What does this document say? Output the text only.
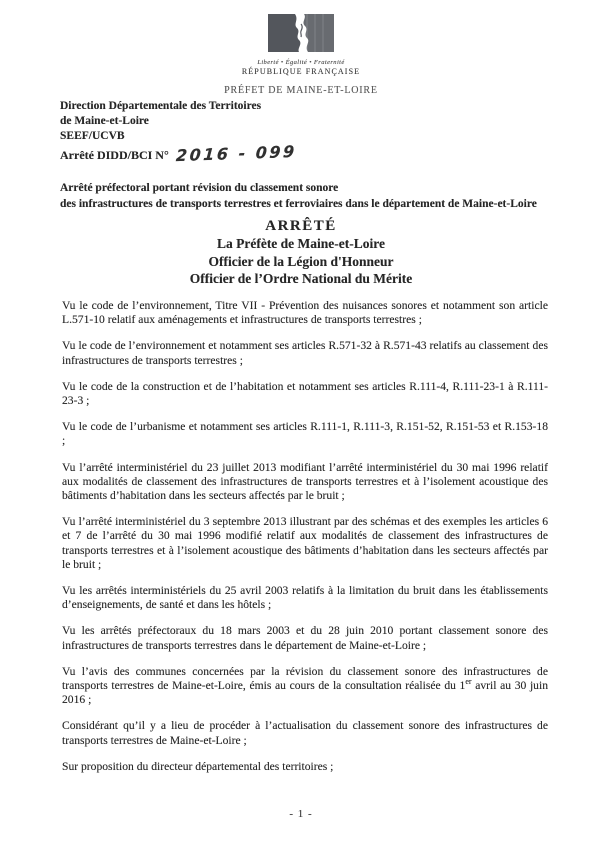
Liberté • Égalité • Fraternité
RÉPUBLIQUE FRANÇAISE
PRÉFET DE MAINE-ET-LOIRE
Direction Départementale des Territoires
de Maine-et-Loire
SEEF/UCVB
Arrêté DIDD/BCI N° 2016 - 099
Arrêté préfectoral portant révision du classement sonore
des infrastructures de transports terrestres et ferroviaires dans le département de Maine-et-Loire
ARRÊTÉ
La Préfète de Maine-et-Loire
Officier de la Légion d'Honneur
Officier de l’Ordre National du Mérite

Vu le code de l’environnement, Titre VII - Prévention des nuisances sonores et notamment son article L.571-10 relatif aux aménagements et infrastructures de transports terrestres ;

Vu le code de l’environnement et notamment ses articles R.571-32 à R.571-43 relatifs au classement des infrastructures de transports terrestres ;

Vu le code de la construction et de l’habitation et notamment ses articles R.111-4, R.111-23-1 à R.111-23-3 ;

Vu le code de l’urbanisme et notamment ses articles R.111-1, R.111-3, R.151-52, R.151-53 et R.153-18 ;

Vu l’arrêté interministériel du 23 juillet 2013 modifiant l’arrêté interministériel du 30 mai 1996 relatif aux modalités de classement des infrastructures de transports terrestres et à l’isolement acoustique des bâtiments d’habitation dans les secteurs affectés par le bruit ;

Vu l’arrêté interministériel du 3 septembre 2013 illustrant par des schémas et des exemples les articles 6 et 7 de l’arrêté du 30 mai 1996 modifié relatif aux modalités de classement des infrastructures de transports terrestres et à l’isolement acoustique des bâtiments d’habitation dans les secteurs affectés par le bruit ;

Vu les arrêtés interministériels du 25 avril 2003 relatifs à la limitation du bruit dans les établissements d’enseignements, de santé et dans les hôtels ;

Vu les arrêtés préfectoraux du 18 mars 2003 et du 28 juin 2010 portant classement sonore des infrastructures de transports terrestres dans le département de Maine-et-Loire ;

Vu l’avis des communes concernées par la révision du classement sonore des infrastructures de transports terrestres de Maine-et-Loire, émis au cours de la consultation réalisée du 1er avril au 30 juin 2016 ;

Considérant qu’il y a lieu de procéder à l’actualisation du classement sonore des infrastructures de transports terrestres de Maine-et-Loire ;

Sur proposition du directeur départemental des territoires ;

- 1 -
